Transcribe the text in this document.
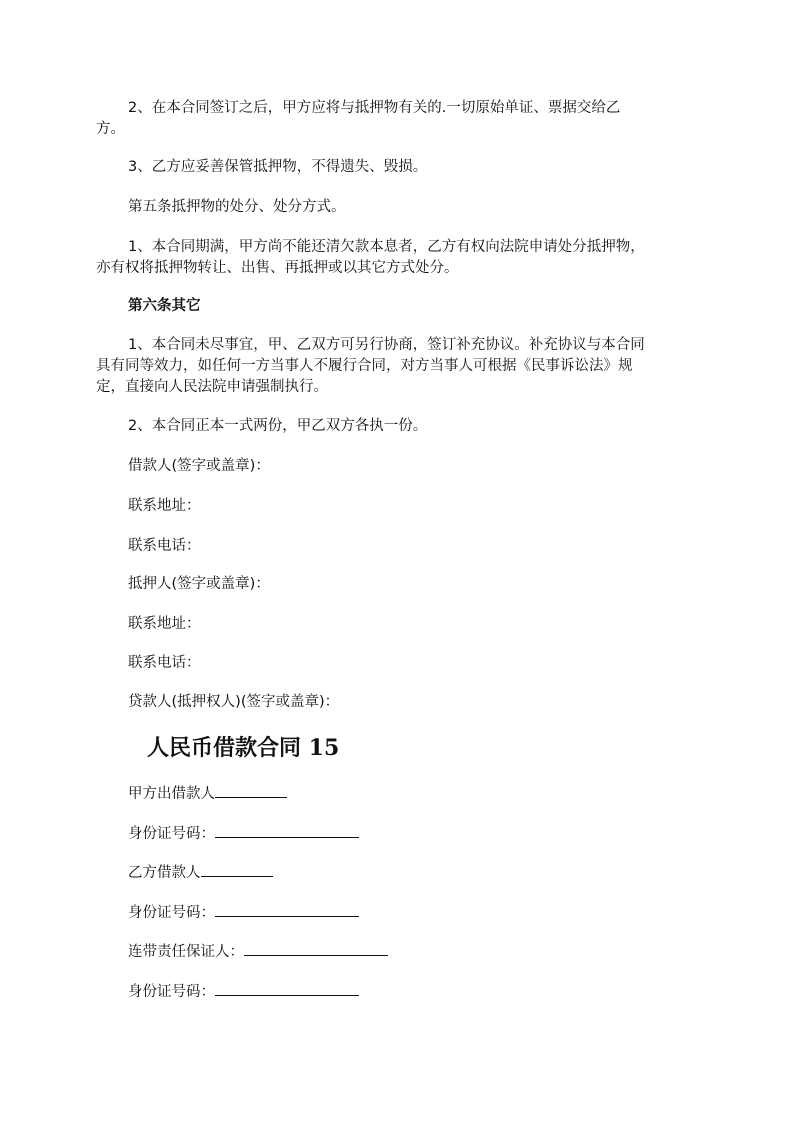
2、在本合同签订之后，甲方应将与抵押物有关的.一切原始单证、票据交给乙
方。
3、乙方应妥善保管抵押物，不得遗失、毁损。
第五条抵押物的处分、处分方式。
1、本合同期满，甲方尚不能还清欠款本息者，乙方有权向法院申请处分抵押物，
亦有权将抵押物转让、出售、再抵押或以其它方式处分。
第六条其它
1、本合同未尽事宜，甲、乙双方可另行协商，签订补充协议。补充协议与本合同
具有同等效力，如任何一方当事人不履行合同，对方当事人可根据《民事诉讼法》规
定，直接向人民法院申请强制执行。
2、本合同正本一式两份，甲乙双方各执一份。
借款人(签字或盖章)：
联系地址：
联系电话：
抵押人(签字或盖章)：
联系地址：
联系电话：
贷款人(抵押权人)(签字或盖章)：
人民币借款合同 15
甲方出借款人
身份证号码：
乙方借款人
身份证号码：
连带责任保证人：
身份证号码：
